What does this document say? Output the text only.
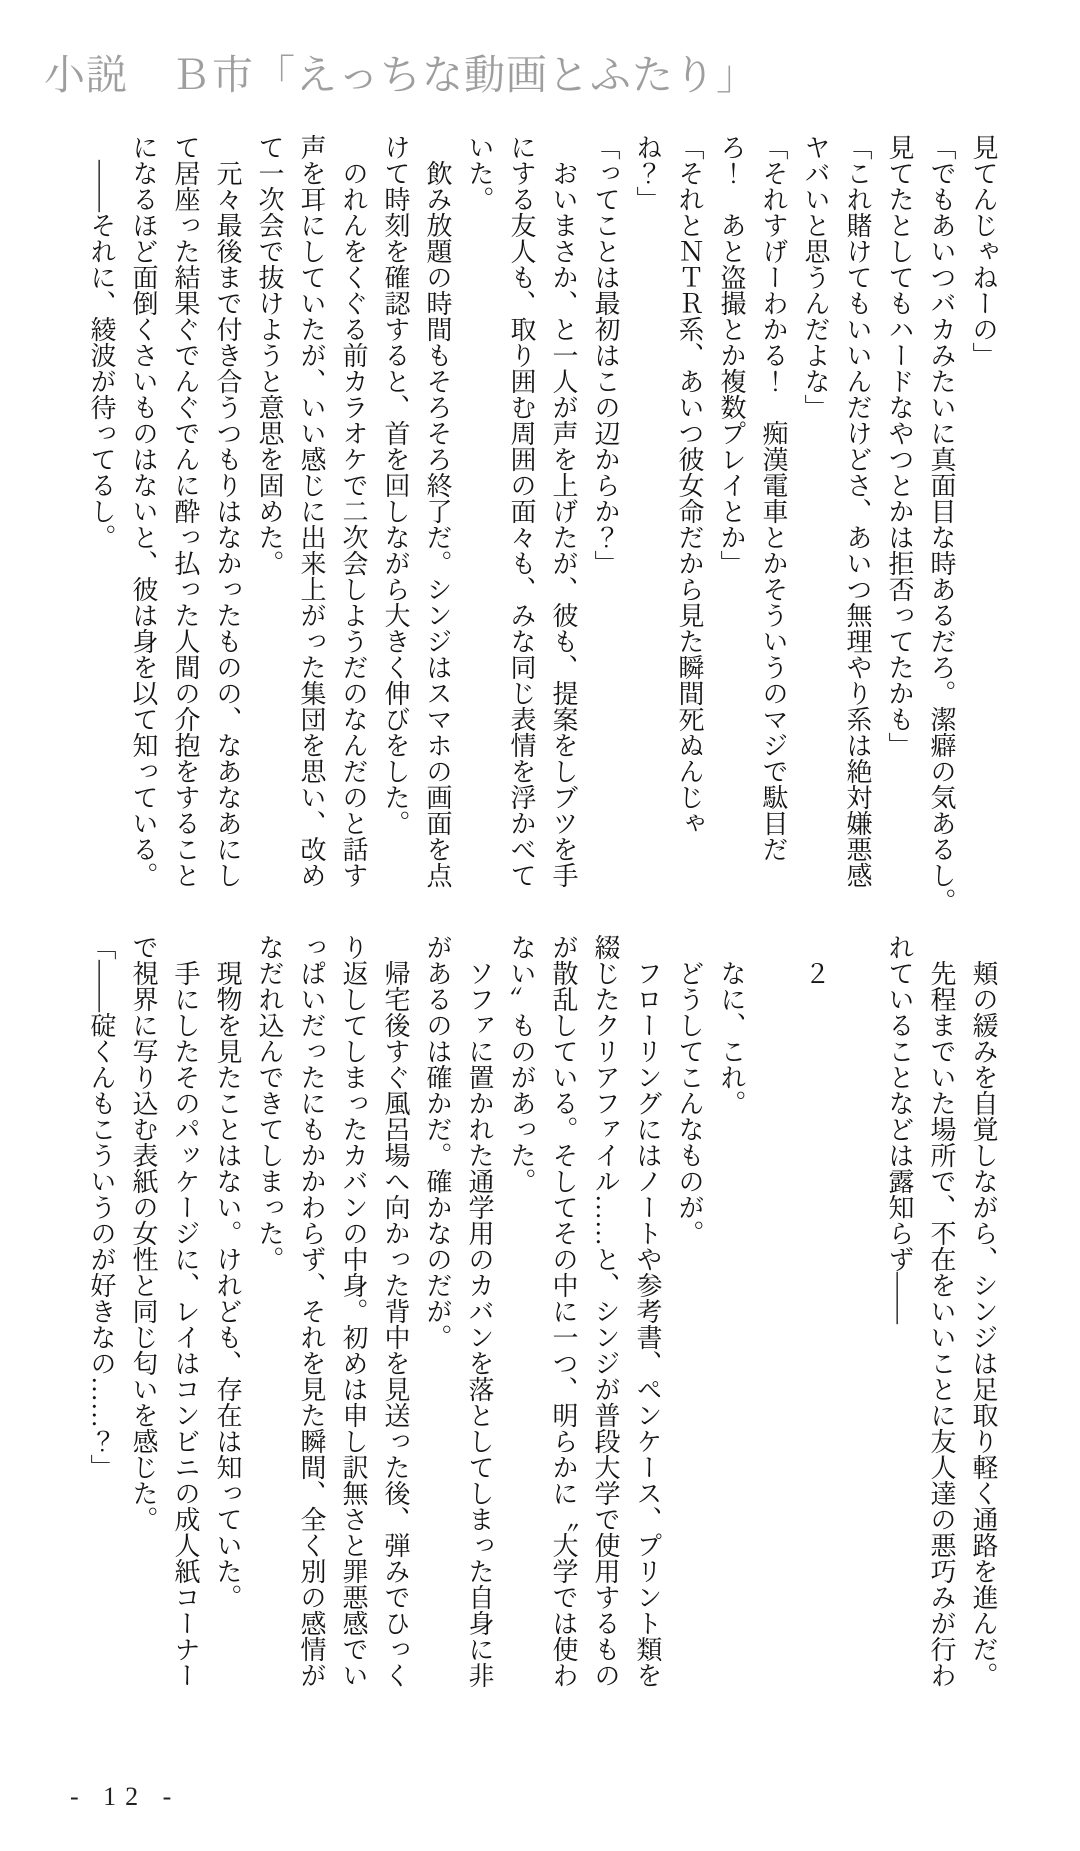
小説　Ｂ市「えっちな動画とふたり」
見てんじゃねーの」
「でもあいつバカみたいに真面目な時あるだろ。潔癖の気あるし。
見てたとしてもハードなやつとかは拒否ってたかも」
「これ賭けてもいいんだけどさ、あいつ無理やり系は絶対嫌悪感
ヤバいと思うんだよな」
「それすげーわかる！　痴漢電車とかそういうのマジで駄目だ
ろ！　あと盗撮とか複数プレイとか」
「それとＮＴＲ系、あいつ彼女命だから見た瞬間死ぬんじゃ
ね？」
「ってことは最初はこの辺からか？」
　おいまさか、と一人が声を上げたが、彼も、提案をしブツを手
にする友人も、取り囲む周囲の面々も、みな同じ表情を浮かべて
いた。
　飲み放題の時間もそろそろ終了だ。シンジはスマホの画面を点
けて時刻を確認すると、首を回しながら大きく伸びをした。
　のれんをくぐる前カラオケで二次会しようだのなんだのと話す
声を耳にしていたが、いい感じに出来上がった集団を思い、改め
て一次会で抜けようと意思を固めた。
　元々最後まで付き合うつもりはなかったものの、なあなあにし
て居座った結果ぐでんぐでんに酔っ払った人間の介抱をすること
になるほど面倒くさいものはないと、彼は身を以て知っている。
　――それに、綾波が待ってるし。
　頬の緩みを自覚しながら、シンジは足取り軽く通路を進んだ。
　先程までいた場所で、不在をいいことに友人達の悪巧みが行わ
れていることなどは露知らず――
　２
　なに、これ。
　どうしてこんなものが。
　フローリングにはノートや参考書、ペンケース、プリント類を
綴じたクリアファイル……と、シンジが普段大学で使用するもの
が散乱している。そしてその中に一つ、明らかに〝大学では使わ
ない〟ものがあった。
　ソファに置かれた通学用のカバンを落としてしまった自身に非
があるのは確かだ。確かなのだが。
　帰宅後すぐ風呂場へ向かった背中を見送った後、弾みでひっく
り返してしまったカバンの中身。初めは申し訳無さと罪悪感でい
っぱいだったにもかかわらず、それを見た瞬間、全く別の感情が
なだれ込んできてしまった。
　現物を見たことはない。けれども、存在は知っていた。
　手にしたそのパッケージに、レイはコンビニの成人紙コーナー
で視界に写り込む表紙の女性と同じ匂いを感じた。
「――碇くんもこういうのが好きなの……？」
- 12 -
